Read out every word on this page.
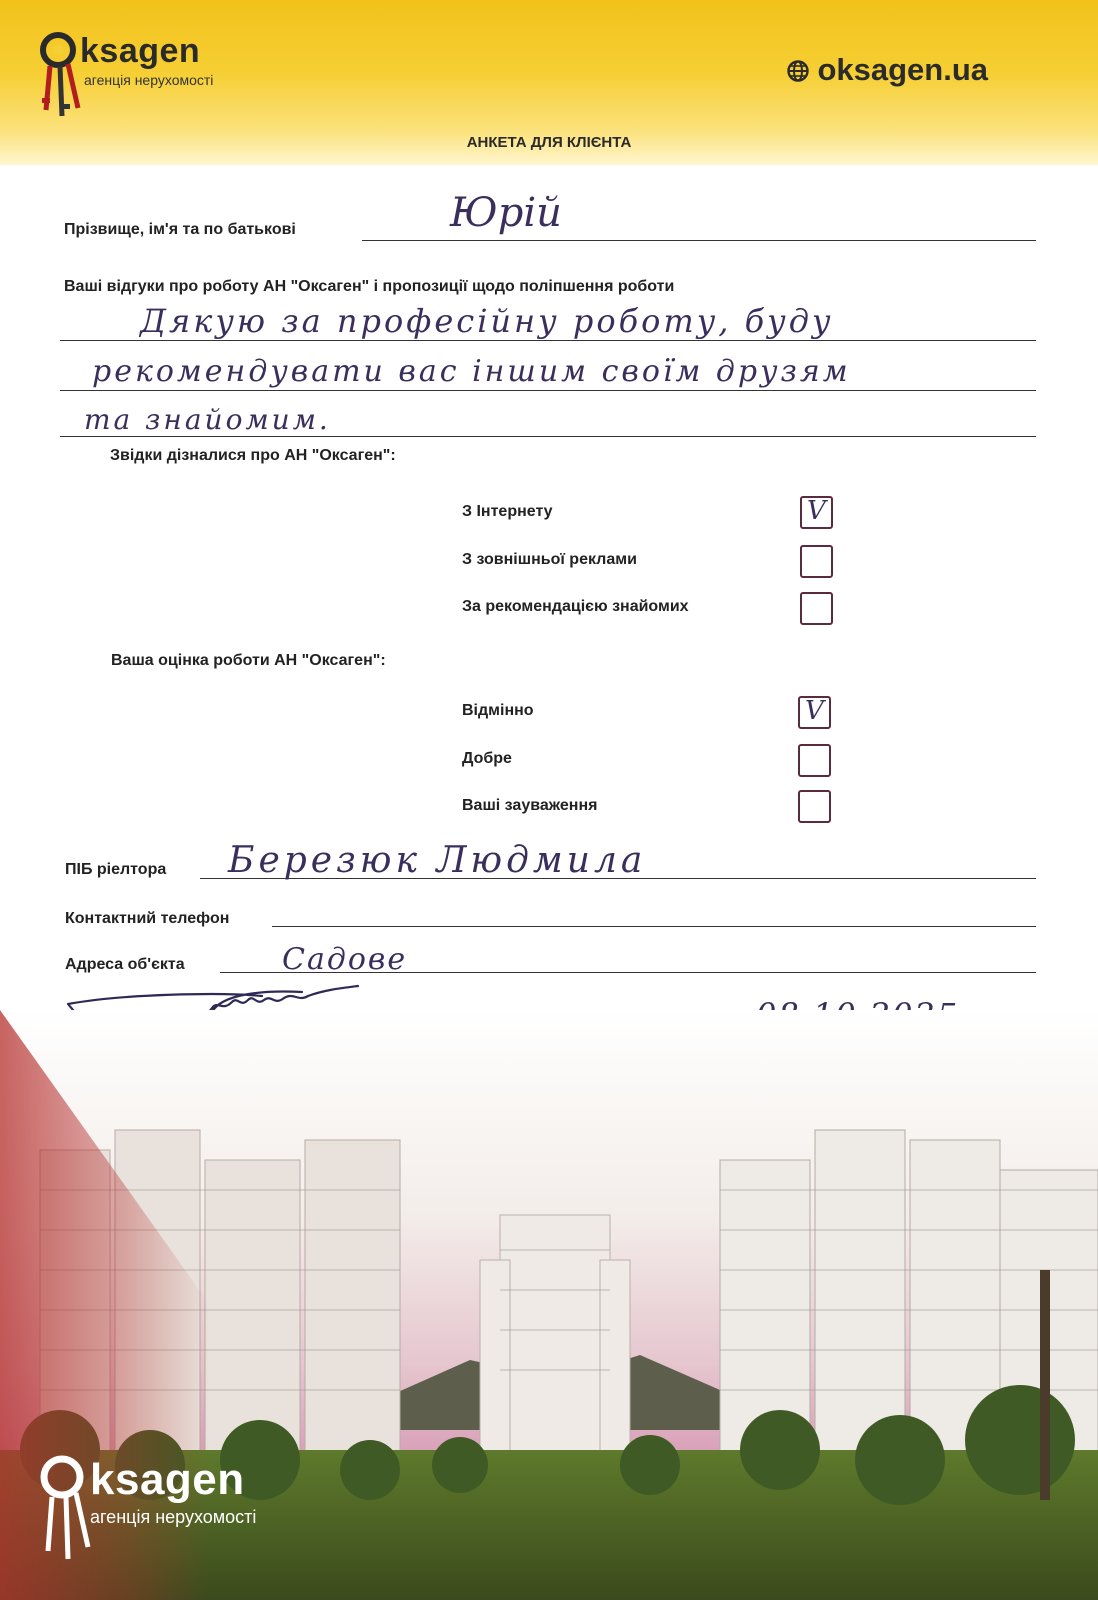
ksagen
агенція нерухомості	oksagen.ua
АНКЕТА ДЛЯ КЛІЄНТА
Прізвище, ім'я та по батькові	Юрій
Ваші відгуки про роботу АН "Оксаген" і пропозиції щодо поліпшення роботи
Дякую за професійну роботу, буду
рекомендувати вас іншим своїм друзям
та знайомим.
Звідки дізналися про АН "Оксаген":
З Інтернету	V
З зовнішньої реклами
За рекомендацією знайомих
Ваша оцінка роботи АН "Оксаген":
Відмінно	V
Добре
Ваші зауваження
ПІБ ріелтора Березюк Людмила
Контактний телефон
Адреса об'єкта	Садове
ksagen
агенція нерухомості
